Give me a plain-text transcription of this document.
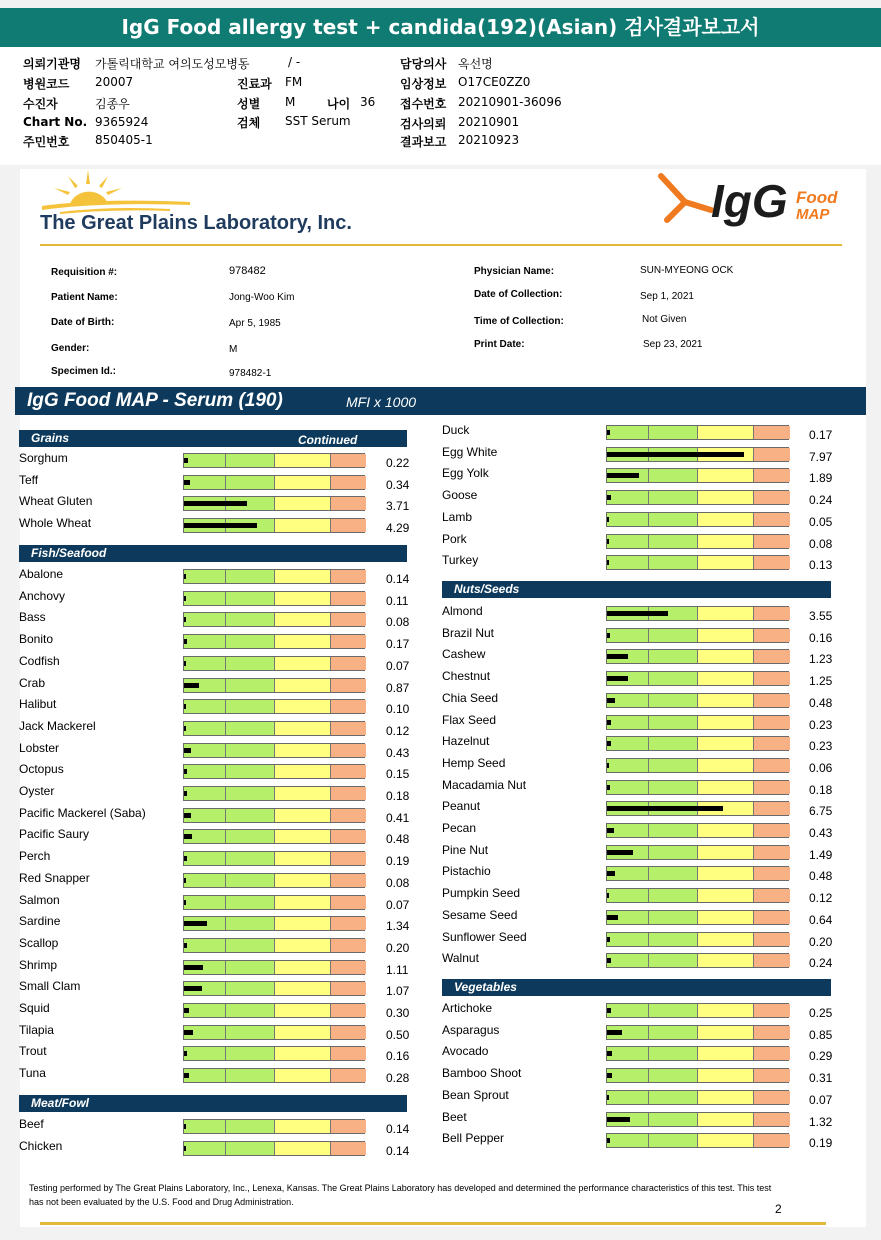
IgG Food allergy test + candida(192)(Asian) 검사결과보고서
의뢰기관명 가톨릭대학교 여의도성모병동	/ -	담당의사 옥선명
병원코드 20007	진료과 FM	임상정보 O17CE0ZZ0
수진자	김종우	성별 M	나이 36 접수번호 20210901-36096
Chart No. 9365924	검체 SST Serum	검사의뢰 20210901
주민번호 850405-1	결과보고 20210923
The Great Plains Laboratory, Inc.	IgG Food
MAP
Requisition #:	978482
Patient Name:	Jong-Woo Kim
Date of Birth:	Apr 5, 1985
Gender:	M
Specimen Id.:	978482-1
Physician Name:	SUN-MYEONG OCK
Date of Collection:	Sep 1, 2021
Time of Collection:	Not Given
Print Date:	Sep 23, 2021
IgG Food MAP - Serum (190)	MFI x 1000
Grains	Continued
Sorghum	0.22
Teff	0.34
Wheat Gluten	3.71
Whole Wheat	4.29
Fish/Seafood
Abalone	0.14
Anchovy	0.11
Bass	0.08
Bonito	0.17
Codfish	0.07
Crab	0.87
Halibut	0.10
Jack Mackerel	0.12
Lobster	0.43
Octopus	0.15
Oyster	0.18
Pacific Mackerel (Saba)	0.41
Pacific Saury	0.48
Perch	0.19
Red Snapper	0.08
Salmon	0.07
Sardine	1.34
Scallop	0.20
Shrimp	1.11
Small Clam	1.07
Squid	0.30
Tilapia	0.50
Trout	0.16
Tuna	0.28
Meat/Fowl
Beef	0.14
Chicken	0.14
Duck	0.17
Egg White	7.97
Egg Yolk	1.89
Goose	0.24
Lamb	0.05
Pork	0.08
Turkey	0.13
Nuts/Seeds
Almond	3.55
Brazil Nut	0.16
Cashew	1.23
Chestnut	1.25
Chia Seed	0.48
Flax Seed	0.23
Hazelnut	0.23
Hemp Seed	0.06
Macadamia Nut	0.18
Peanut	6.75
Pecan	0.43
Pine Nut	1.49
Pistachio	0.48
Pumpkin Seed	0.12
Sesame Seed	0.64
Sunflower Seed	0.20
Walnut	0.24
Vegetables
Artichoke	0.25
Asparagus	0.85
Avocado	0.29
Bamboo Shoot	0.31
Bean Sprout	0.07
Beet	1.32
Bell Pepper	0.19
Testing performed by The Great Plains Laboratory, Inc., Lenexa, Kansas. The Great Plains Laboratory has developed and determined the performance characteristics of this test. This test has not been evaluated by the U.S. Food and Drug Administration.	2
